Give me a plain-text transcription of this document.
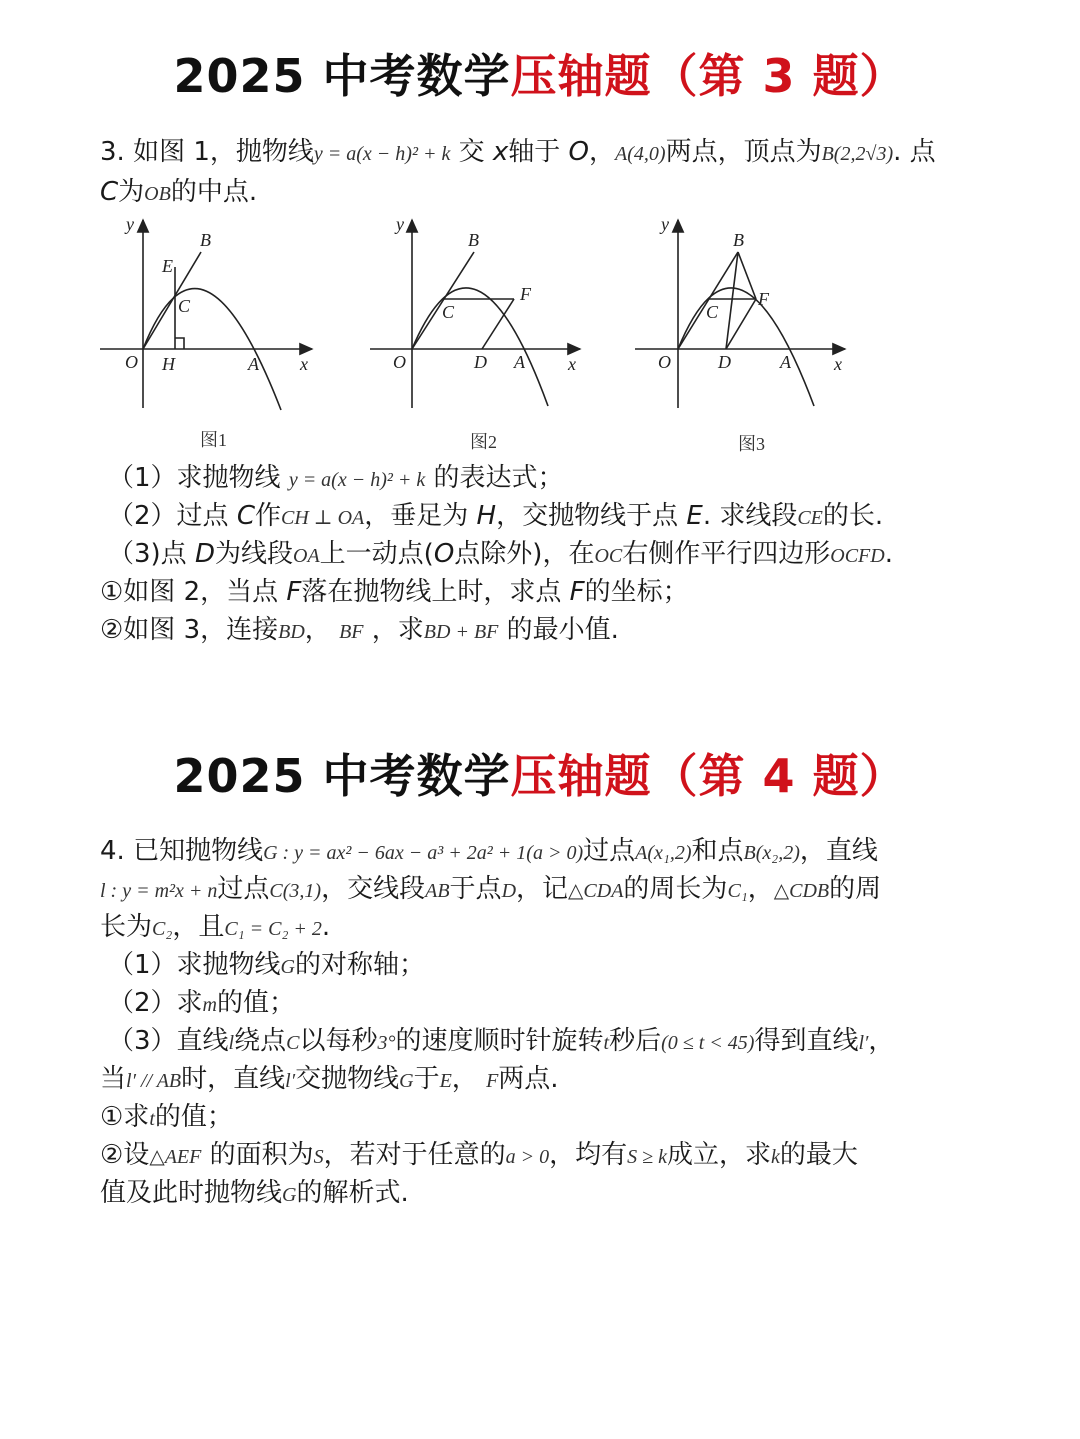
2025 中考数学压轴题（第 3 题）
3. 如图 1，抛物线y = a(x − h)² + k 交 x轴于 O，A(4,0)两点，顶点为B(2,2√3). 点
C为OB的中点.
B
E
C
O H	A x
y
B
C
F
O	D A x
y
B
C
F
O	D	A x
y
图1	图2	图3
（1）求抛物线 y = a(x − h)² + k 的表达式；
（2）过点 C作CH ⊥ OA，垂足为 H，交抛物线于点 E. 求线段CE的长.
（3)点 D为线段OA上一动点(O点除外)，在OC右侧作平行四边形OCFD.
①如图 2，当点 F落在抛物线上时，求点 F的坐标；
②如图 3，连接BD， BF ，求BD + BF 的最小值.
2025 中考数学压轴题（第 4 题）
4. 已知抛物线G : y = ax² − 6ax − a³ + 2a² + 1(a > 0)过点A(x₁,2)和点B(x₂,2)，直线
l : y = m²x + n过点C(3,1)，交线段AB于点D，记△CDA的周长为C₁，△CDB的周
长为C₂，且C₁ = C₂ + 2.
（1）求抛物线G的对称轴；
（2）求m的值；
（3）直线l绕点C以每秒3°的速度顺时针旋转t秒后(0 ≤ t < 45)得到直线l′，
当l′ // AB时，直线l′交抛物线G于E， F两点.
①求t的值；
②设△AEF 的面积为S，若对于任意的a > 0，均有S ≥ k成立，求k的最大
值及此时抛物线G的解析式.
